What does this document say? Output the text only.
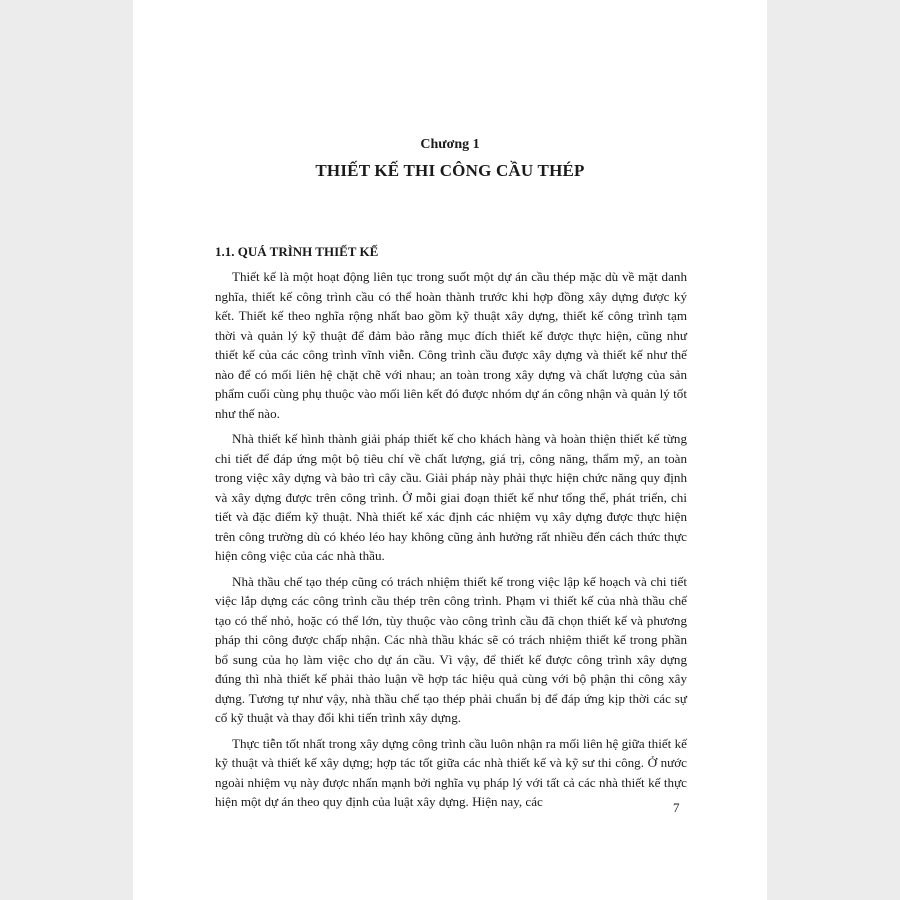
Chương 1
THIẾT KẾ THI CÔNG CẦU THÉP
1.1. QUÁ TRÌNH THIẾT KẾ

Thiết kế là một hoạt động liên tục trong suốt một dự án cầu thép mặc dù về mặt danh nghĩa, thiết kế công trình cầu có thể hoàn thành trước khi hợp đồng xây dựng được ký kết. Thiết kế theo nghĩa rộng nhất bao gồm kỹ thuật xây dựng, thiết kế công trình tạm thời và quản lý kỹ thuật để đảm bảo rằng mục đích thiết kế được thực hiện, cũng như thiết kế của các công trình vĩnh viễn. Công trình cầu được xây dựng và thiết kế như thế nào để có mối liên hệ chặt chẽ với nhau; an toàn trong xây dựng và chất lượng của sản phẩm cuối cùng phụ thuộc vào mối liên kết đó được nhóm dự án công nhận và quản lý tốt như thế nào.

Nhà thiết kế hình thành giải pháp thiết kế cho khách hàng và hoàn thiện thiết kế từng chi tiết để đáp ứng một bộ tiêu chí về chất lượng, giá trị, công năng, thẩm mỹ, an toàn trong việc xây dựng và bảo trì cây cầu. Giải pháp này phải thực hiện chức năng quy định và xây dựng được trên công trình. Ở mỗi giai đoạn thiết kế như tổng thể, phát triển, chi tiết và đặc điểm kỹ thuật. Nhà thiết kế xác định các nhiệm vụ xây dựng được thực hiện trên công trường dù có khéo léo hay không cũng ảnh hưởng rất nhiều đến cách thức thực hiện công việc của các nhà thầu.

Nhà thầu chế tạo thép cũng có trách nhiệm thiết kế trong việc lập kế hoạch và chi tiết việc lắp dựng các công trình cầu thép trên công trình. Phạm vi thiết kế của nhà thầu chế tạo có thể nhỏ, hoặc có thể lớn, tùy thuộc vào công trình cầu đã chọn thiết kế và phương pháp thi công được chấp nhận. Các nhà thầu khác sẽ có trách nhiệm thiết kế trong phần bổ sung của họ làm việc cho dự án cầu. Vì vậy, để thiết kế được công trình xây dựng đúng thì nhà thiết kế phải thảo luận về hợp tác hiệu quả cùng với bộ phận thi công xây dựng. Tương tự như vậy, nhà thầu chế tạo thép phải chuẩn bị để đáp ứng kịp thời các sự cố kỹ thuật và thay đổi khi tiến trình xây dựng.

Thực tiễn tốt nhất trong xây dựng công trình cầu luôn nhận ra mối liên hệ giữa thiết kế kỹ thuật và thiết kế xây dựng; hợp tác tốt giữa các nhà thiết kế và kỹ sư thi công. Ở nước ngoài nhiệm vụ này được nhấn mạnh bởi nghĩa vụ pháp lý với tất cả các nhà thiết kế thực hiện một dự án theo quy định của luật xây dựng. Hiện nay, các	7
